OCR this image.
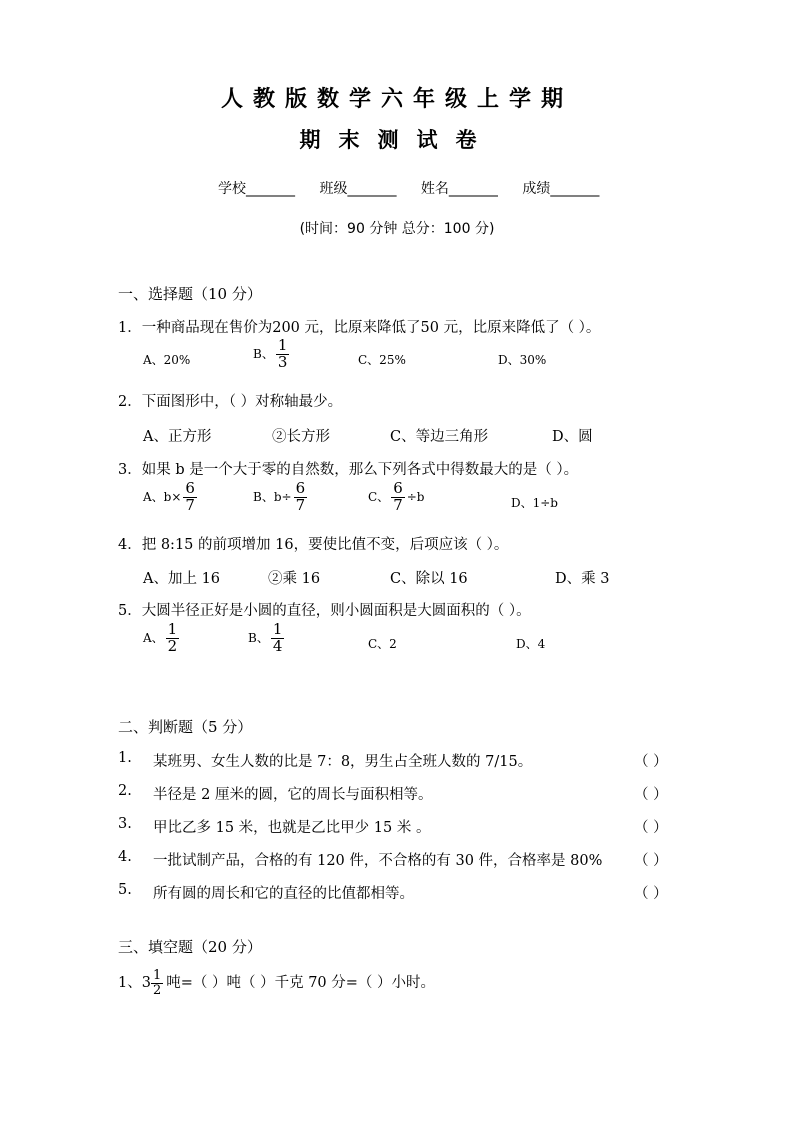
人教版数学六年级上学期
期末测试卷
学校_______ 班级_______ 姓名_______ 成绩_______
(时间：90 分钟 总分：100 分)
一、选择题（10 分）
1．一种商品现在售价为200 元，比原来降低了50 元，比原来降低了（ ）。
A、20%	B、 $\frac{1}{3}$	C、25%	D、30%
2．下面图形中，（ ）对称轴最少。
A、正方形	②长方形	C、等边三角形	D、圆
3．如果 b 是一个大于零的自然数，那么下列各式中得数最大的是（ ）。
A、$b\times \frac{6}{7}$	B、$b\div \frac{6}{7}$	C、 $\frac{6}{7} \div b$	D、1÷b
4．把 8:15 的前项增加 16，要使比值不变，后项应该（ ）。
A、加上 16	②乘 16	C、除以 16	D、乘 3
5．大圆半径正好是小圆的直径，则小圆面积是大圆面积的（ ）。
A、 $\frac{1}{2}$	B、 $\frac{1}{4}$	C、2	D、4
二、判断题（5 分）
1. 某班男、女生人数的比是 7：8，男生占全班人数的 7/15。	（ ）
2. 半径是 2 厘米的圆，它的周长与面积相等。	（ ）
3. 甲比乙多 15 米，也就是乙比甲少 15 米 。	（ ）
4. 一批试制产品，合格的有 120 件，不合格的有 30 件，合格率是 80% （ ）
5. 所有圆的周长和它的直径的比值都相等。	（ ）
三、填空题（20 分）
1、$3 \frac{1}{2}$ 吨=（ ）吨（ ）千克 70 分=（ ）小时。
